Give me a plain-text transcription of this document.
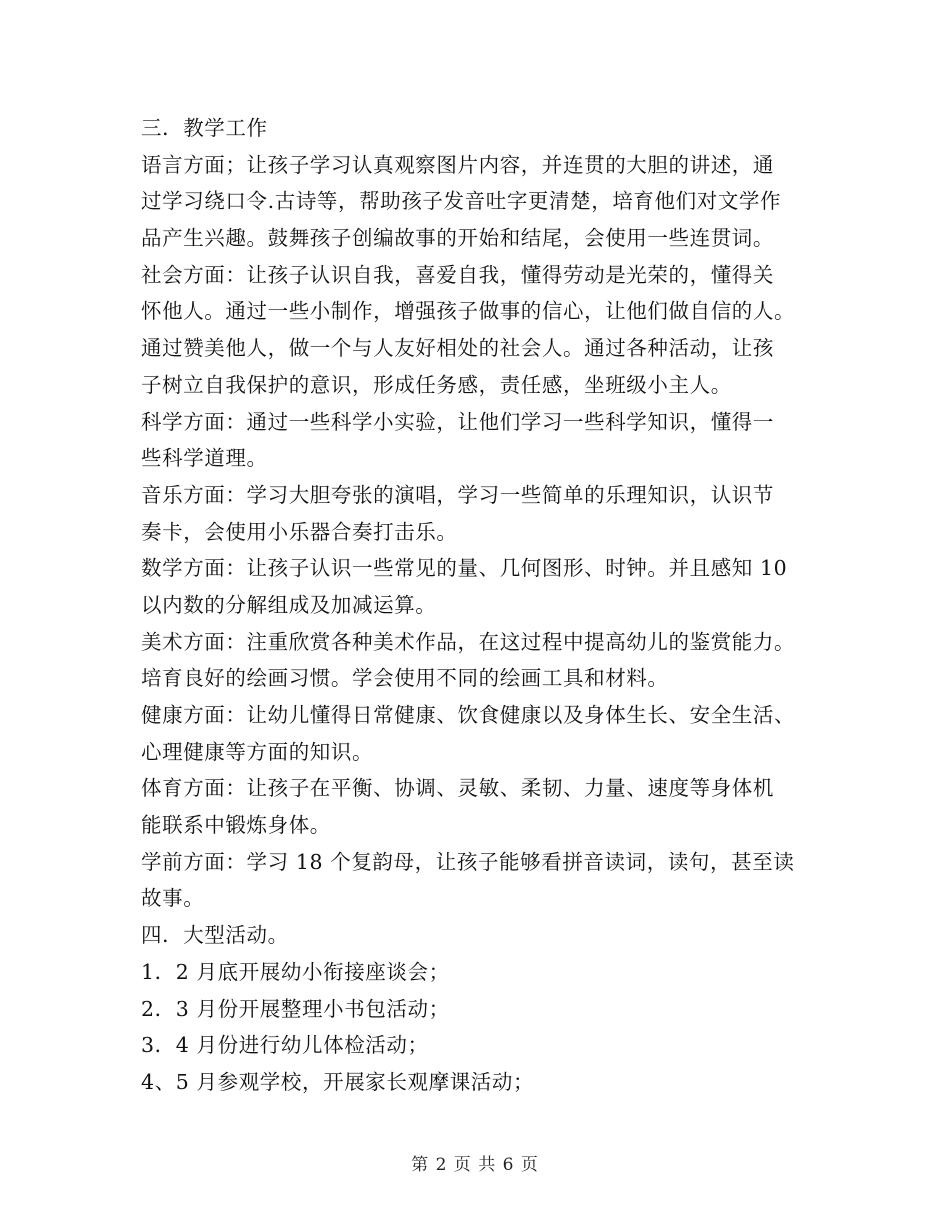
三．教学工作
语言方面；让孩子学习认真观察图片内容，并连贯的大胆的讲述，通
过学习绕口令.古诗等，帮助孩子发音吐字更清楚，培育他们对文学作
品产生兴趣。鼓舞孩子创编故事的开始和结尾，会使用一些连贯词。
社会方面：让孩子认识自我，喜爱自我，懂得劳动是光荣的，懂得关
怀他人。通过一些小制作，增强孩子做事的信心，让他们做自信的人。
通过赞美他人，做一个与人友好相处的社会人。通过各种活动，让孩
子树立自我保护的意识，形成任务感，责任感，坐班级小主人。
科学方面：通过一些科学小实验，让他们学习一些科学知识，懂得一
些科学道理。
音乐方面：学习大胆夸张的演唱，学习一些简单的乐理知识，认识节
奏卡，会使用小乐器合奏打击乐。
数学方面：让孩子认识一些常见的量、几何图形、时钟。并且感知 10
以内数的分解组成及加减运算。
美术方面：注重欣赏各种美术作品，在这过程中提高幼儿的鉴赏能力。
培育良好的绘画习惯。学会使用不同的绘画工具和材料。
健康方面：让幼儿懂得日常健康、饮食健康以及身体生长、安全生活、
心理健康等方面的知识。
体育方面：让孩子在平衡、协调、灵敏、柔韧、力量、速度等身体机
能联系中锻炼身体。
学前方面：学习 18 个复韵母，让孩子能够看拼音读词，读句，甚至读
故事。
四．大型活动。
1．2 月底开展幼小衔接座谈会；
2．3 月份开展整理小书包活动；
3．4 月份进行幼儿体检活动；
4、5 月参观学校，开展家长观摩课活动；
第 2 页 共 6 页
